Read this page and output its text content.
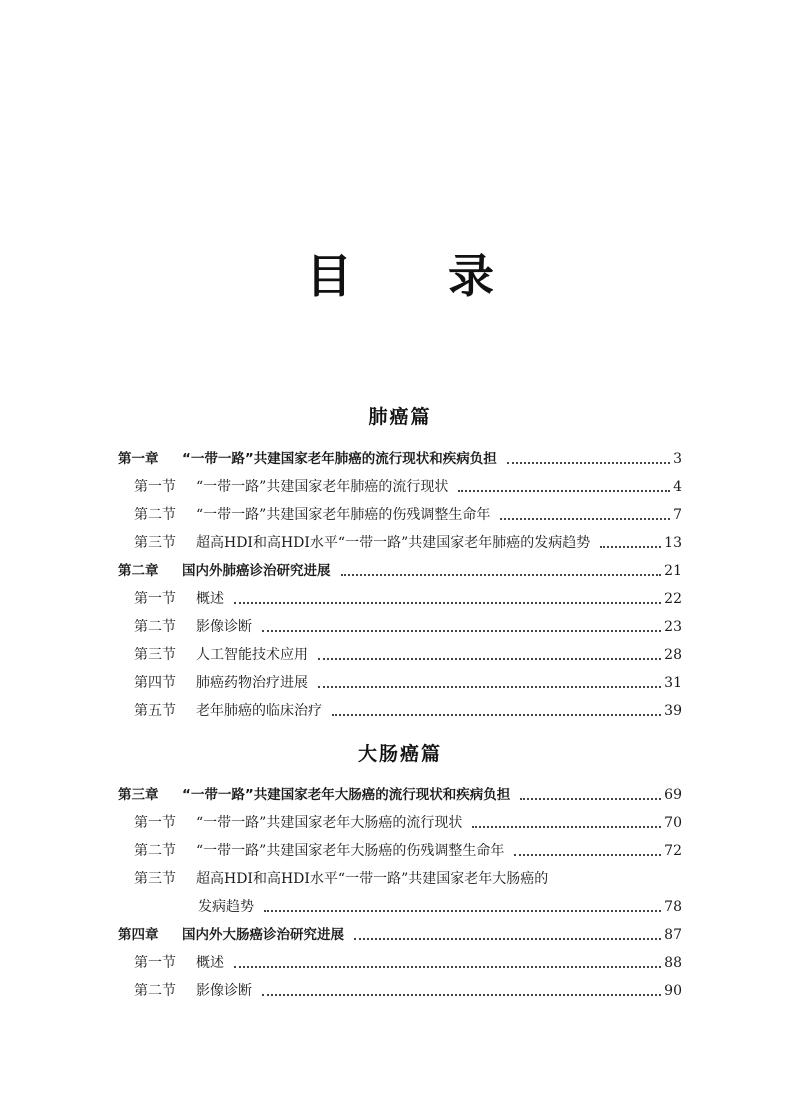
目 录
肺癌篇
第一章 “一带一路”共建国家老年肺癌的流行现状和疾病负担	3
第一节 “一带一路”共建国家老年肺癌的流行现状	4
第二节 “一带一路”共建国家老年肺癌的伤残调整生命年	7
第三节 超高HDI和高HDI水平“一带一路”共建国家老年肺癌的发病趋势	13
第二章 国内外肺癌诊治研究进展	21
第一节 概述	22
第二节 影像诊断	23
第三节 人工智能技术应用	28
第四节 肺癌药物治疗进展	31
第五节 老年肺癌的临床治疗	39
大肠癌篇
第三章 “一带一路”共建国家老年大肠癌的流行现状和疾病负担	69
第一节 “一带一路”共建国家老年大肠癌的流行现状	70
第二节 “一带一路”共建国家老年大肠癌的伤残调整生命年	72
第三节 超高HDI和高HDI水平“一带一路”共建国家老年大肠癌的
发病趋势	78
第四章 国内外大肠癌诊治研究进展	87
第一节 概述	88
第二节 影像诊断	90
